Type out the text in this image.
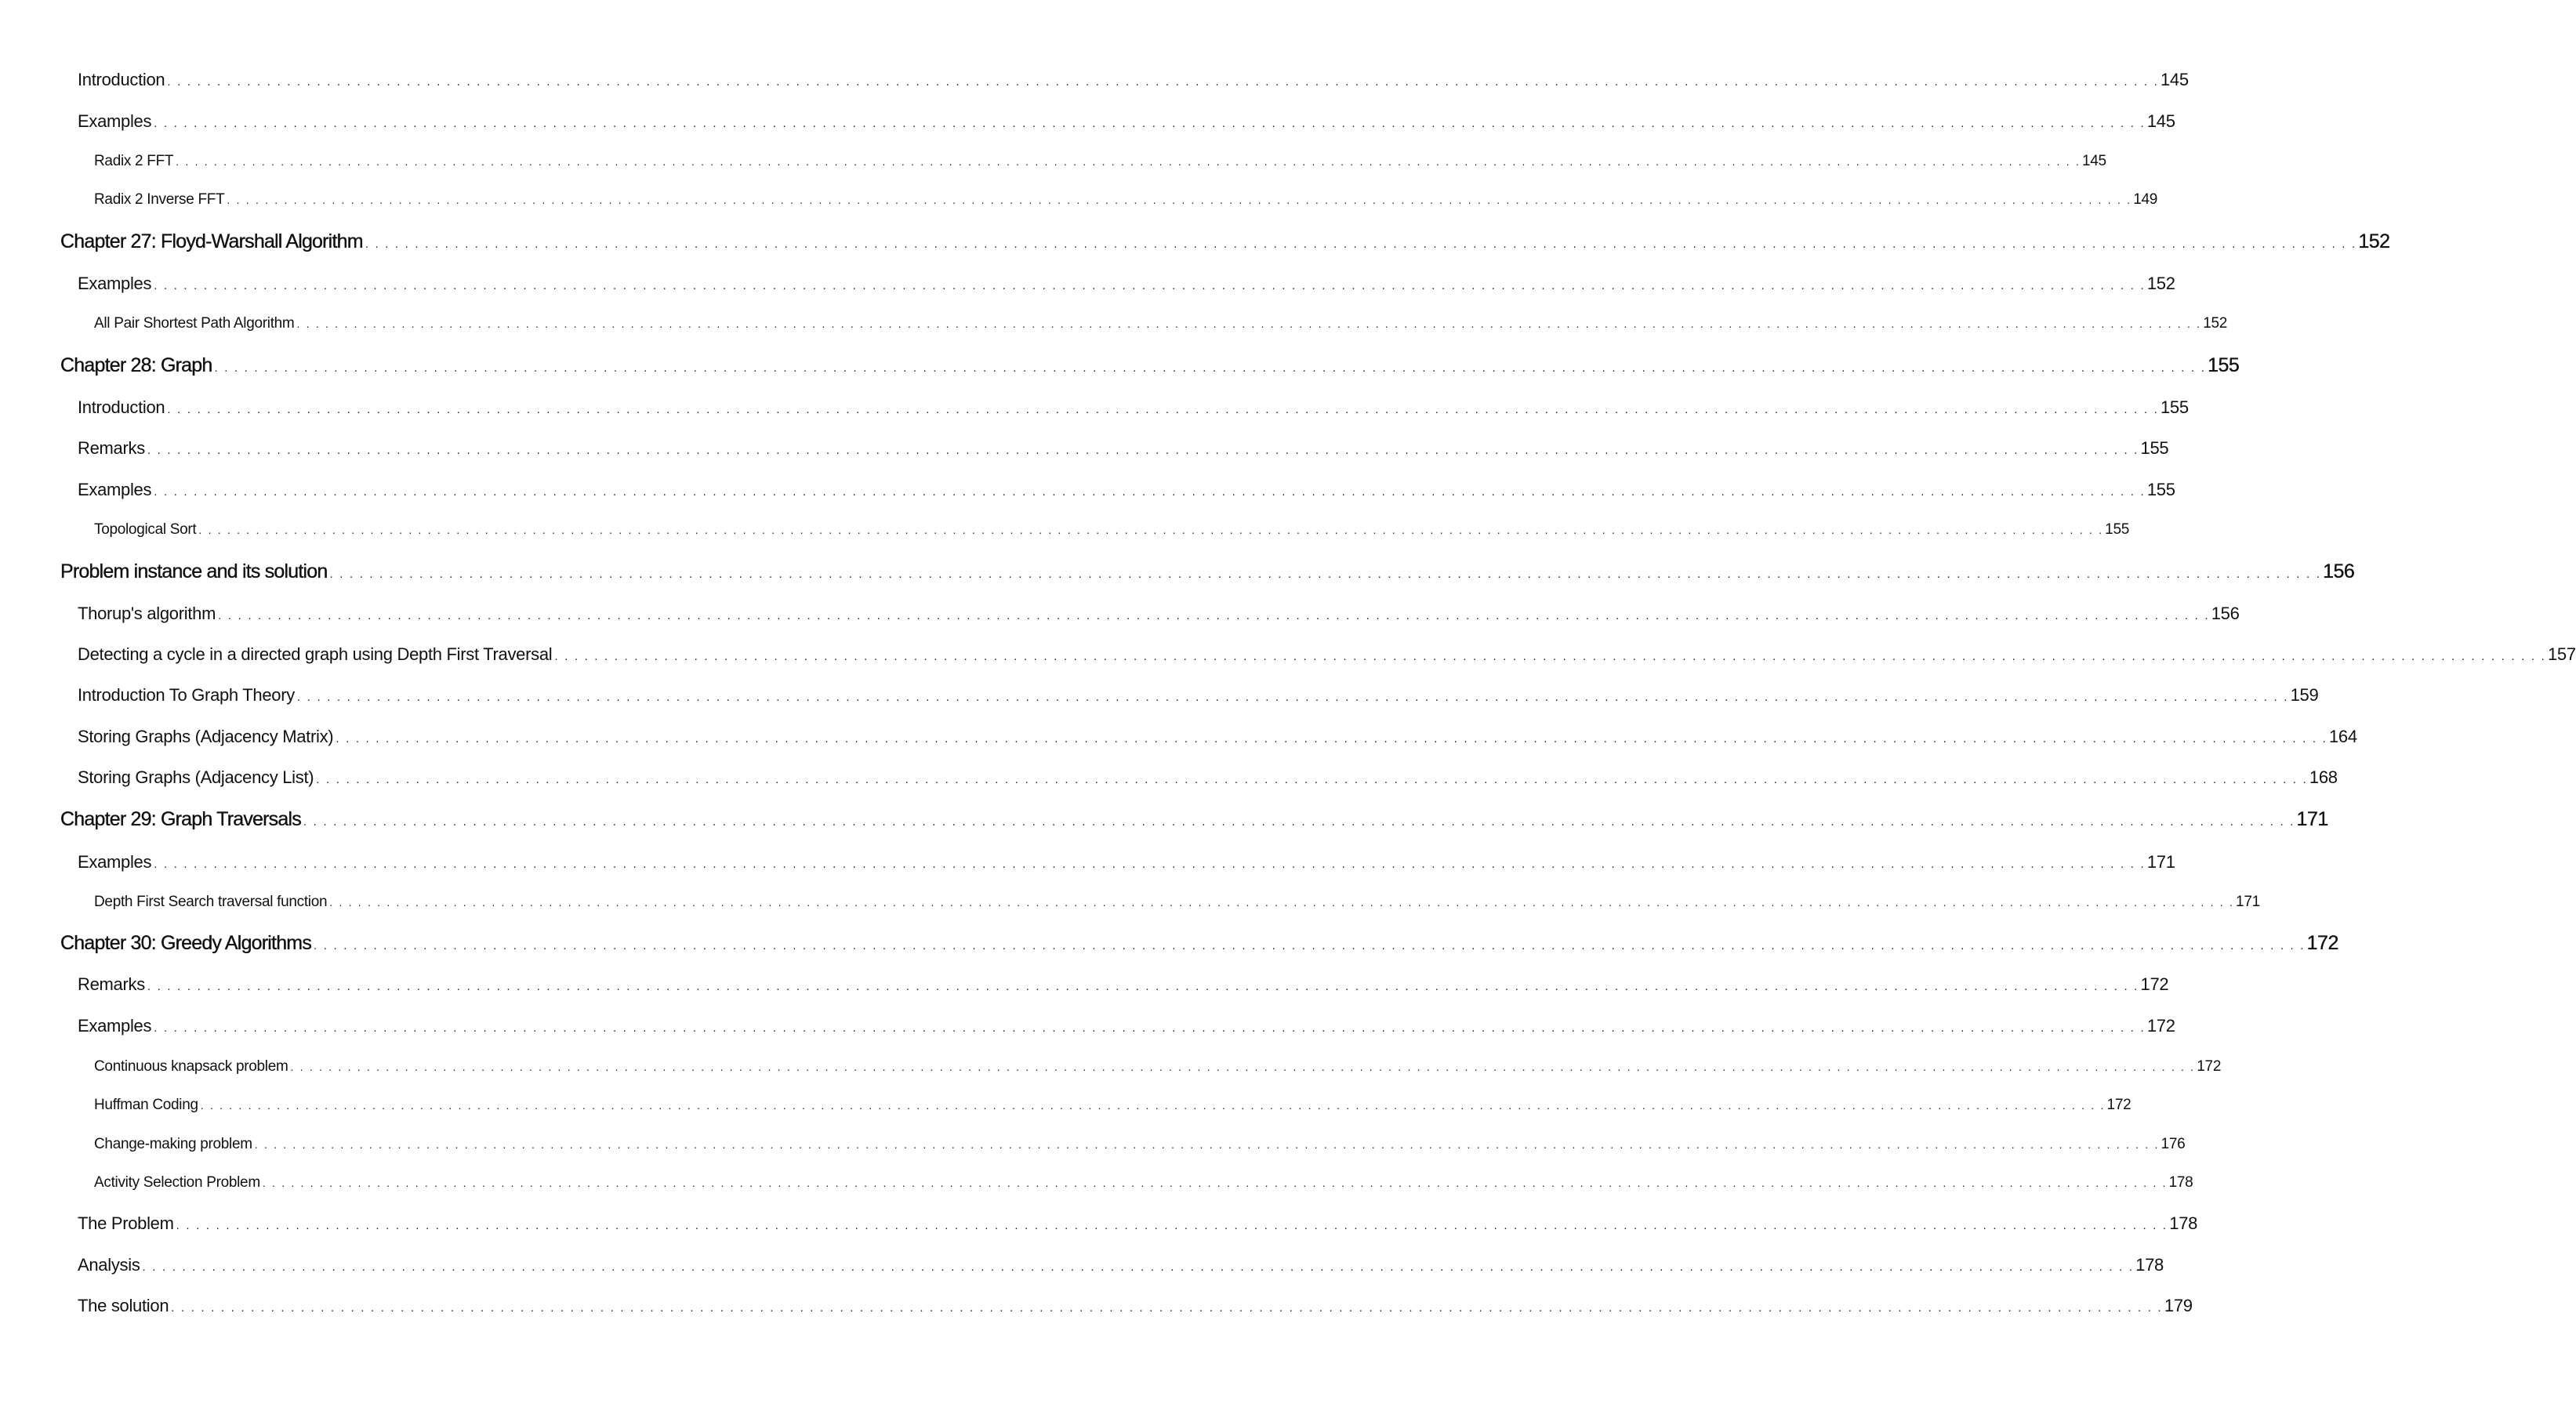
Introduction . . . . . . . . . . . . . . . . . . . . . . . . . . . . . . . . . . . . . . . . . . . . . . . . . . . . . . . . . . . . . . . . . . . . . . . . . . . . . . . . . . . . . . . . . . . . . . . . . . . . . . . . . . . . . . . . . . . . . . . . . . . . . . . . . . . . . . . . . . . . . . . . . . . . . . . . . . . . . . . . . . . . . . . . . . . . . . . . . . . . . . . . . . . . . . . . . . . . . . . . 145
Examples . . . . . . . . . . . . . . . . . . . . . . . . . . . . . . . . . . . . . . . . . . . . . . . . . . . . . . . . . . . . . . . . . . . . . . . . . . . . . . . . . . . . . . . . . . . . . . . . . . . . . . . . . . . . . . . . . . . . . . . . . . . . . . . . . . . . . . . . . . . . . . . . . . . . . . . . . . . . . . . . . . . . . . . . . . . . . . . . . . . . . . . . . . . . . . . . . . . . . . . . 145
Radix 2 FFT . . . . . . . . . . . . . . . . . . . . . . . . . . . . . . . . . . . . . . . . . . . . . . . . . . . . . . . . . . . . . . . . . . . . . . . . . . . . . . . . . . . . . . . . . . . . . . . . . . . . . . . . . . . . . . . . . . . . . . . . . . . . . . . . . . . . . . . . . . . . . . . . . . . . . . . . . . . . . . . . . . . . . . . . . . . . . . . . . . . . . . . . . . . . . . . . . . . . . . . . 145
Radix 2 Inverse FFT . . . . . . . . . . . . . . . . . . . . . . . . . . . . . . . . . . . . . . . . . . . . . . . . . . . . . . . . . . . . . . . . . . . . . . . . . . . . . . . . . . . . . . . . . . . . . . . . . . . . . . . . . . . . . . . . . . . . . . . . . . . . . . . . . . . . . . . . . . . . . . . . . . . . . . . . . . . . . . . . . . . . . . . . . . . . . . . . . . . . . . . . . . . . . . . . . . . . . . . . 149
Chapter 27: Floyd-Warshall Algorithm . . . . . . . . . . . . . . . . . . . . . . . . . . . . . . . . . . . . . . . . . . . . . . . . . . . . . . . . . . . . . . . . . . . . . . . . . . . . . . . . . . . . . . . . . . . . . . . . . . . . . . . . . . . . . . . . . . . . . . . . . . . . . . . . . . . . . . . . . . . . . . . . . . . . . . . . . . . . . . . . . . . . . . . . . . . . . . . . . . . . . . . . . . . . . . . . . . . . . . . . 152
Examples . . . . . . . . . . . . . . . . . . . . . . . . . . . . . . . . . . . . . . . . . . . . . . . . . . . . . . . . . . . . . . . . . . . . . . . . . . . . . . . . . . . . . . . . . . . . . . . . . . . . . . . . . . . . . . . . . . . . . . . . . . . . . . . . . . . . . . . . . . . . . . . . . . . . . . . . . . . . . . . . . . . . . . . . . . . . . . . . . . . . . . . . . . . . . . . . . . . . . . . . 152
All Pair Shortest Path Algorithm . . . . . . . . . . . . . . . . . . . . . . . . . . . . . . . . . . . . . . . . . . . . . . . . . . . . . . . . . . . . . . . . . . . . . . . . . . . . . . . . . . . . . . . . . . . . . . . . . . . . . . . . . . . . . . . . . . . . . . . . . . . . . . . . . . . . . . . . . . . . . . . . . . . . . . . . . . . . . . . . . . . . . . . . . . . . . . . . . . . . . . . . . . . . . . . . . . . . . . . . 152
Chapter 28: Graph . . . . . . . . . . . . . . . . . . . . . . . . . . . . . . . . . . . . . . . . . . . . . . . . . . . . . . . . . . . . . . . . . . . . . . . . . . . . . . . . . . . . . . . . . . . . . . . . . . . . . . . . . . . . . . . . . . . . . . . . . . . . . . . . . . . . . . . . . . . . . . . . . . . . . . . . . . . . . . . . . . . . . . . . . . . . . . . . . . . . . . . . . . . . . . . . . . . . . . . . 155
Introduction . . . . . . . . . . . . . . . . . . . . . . . . . . . . . . . . . . . . . . . . . . . . . . . . . . . . . . . . . . . . . . . . . . . . . . . . . . . . . . . . . . . . . . . . . . . . . . . . . . . . . . . . . . . . . . . . . . . . . . . . . . . . . . . . . . . . . . . . . . . . . . . . . . . . . . . . . . . . . . . . . . . . . . . . . . . . . . . . . . . . . . . . . . . . . . . . . . . . . . . . 155
Remarks . . . . . . . . . . . . . . . . . . . . . . . . . . . . . . . . . . . . . . . . . . . . . . . . . . . . . . . . . . . . . . . . . . . . . . . . . . . . . . . . . . . . . . . . . . . . . . . . . . . . . . . . . . . . . . . . . . . . . . . . . . . . . . . . . . . . . . . . . . . . . . . . . . . . . . . . . . . . . . . . . . . . . . . . . . . . . . . . . . . . . . . . . . . . . . . . . . . . . . . . 155
Examples . . . . . . . . . . . . . . . . . . . . . . . . . . . . . . . . . . . . . . . . . . . . . . . . . . . . . . . . . . . . . . . . . . . . . . . . . . . . . . . . . . . . . . . . . . . . . . . . . . . . . . . . . . . . . . . . . . . . . . . . . . . . . . . . . . . . . . . . . . . . . . . . . . . . . . . . . . . . . . . . . . . . . . . . . . . . . . . . . . . . . . . . . . . . . . . . . . . . . . . . 155
Topological Sort . . . . . . . . . . . . . . . . . . . . . . . . . . . . . . . . . . . . . . . . . . . . . . . . . . . . . . . . . . . . . . . . . . . . . . . . . . . . . . . . . . . . . . . . . . . . . . . . . . . . . . . . . . . . . . . . . . . . . . . . . . . . . . . . . . . . . . . . . . . . . . . . . . . . . . . . . . . . . . . . . . . . . . . . . . . . . . . . . . . . . . . . . . . . . . . . . . . . . . . . 155
Problem instance and its solution . . . . . . . . . . . . . . . . . . . . . . . . . . . . . . . . . . . . . . . . . . . . . . . . . . . . . . . . . . . . . . . . . . . . . . . . . . . . . . . . . . . . . . . . . . . . . . . . . . . . . . . . . . . . . . . . . . . . . . . . . . . . . . . . . . . . . . . . . . . . . . . . . . . . . . . . . . . . . . . . . . . . . . . . . . . . . . . . . . . . . . . . . . . . . . . . . . . . . . . . 156
Thorup's algorithm . . . . . . . . . . . . . . . . . . . . . . . . . . . . . . . . . . . . . . . . . . . . . . . . . . . . . . . . . . . . . . . . . . . . . . . . . . . . . . . . . . . . . . . . . . . . . . . . . . . . . . . . . . . . . . . . . . . . . . . . . . . . . . . . . . . . . . . . . . . . . . . . . . . . . . . . . . . . . . . . . . . . . . . . . . . . . . . . . . . . . . . . . . . . . . . . . . . . . . . . 156
Detecting a cycle in a directed graph using Depth First Traversal . . . . . . . . . . . . . . . . . . . . . . . . . . . . . . . . . . . . . . . . . . . . . . . . . . . . . . . . . . . . . . . . . . . . . . . . . . . . . . . . . . . . . . . . . . . . . . . . . . . . . . . . . . . . . . . . . . . . . . . . . . . . . . . . . . . . . . . . . . . . . . . . . . . . . . . . . . . . . . . . . . . . . . . . . . . . . . . . . . . . . . . . . . . . . . . . . . . . . . . . 157
Introduction To Graph Theory . . . . . . . . . . . . . . . . . . . . . . . . . . . . . . . . . . . . . . . . . . . . . . . . . . . . . . . . . . . . . . . . . . . . . . . . . . . . . . . . . . . . . . . . . . . . . . . . . . . . . . . . . . . . . . . . . . . . . . . . . . . . . . . . . . . . . . . . . . . . . . . . . . . . . . . . . . . . . . . . . . . . . . . . . . . . . . . . . . . . . . . . . . . . . . . . . . . . . . . . 159
Storing Graphs (Adjacency Matrix) . . . . . . . . . . . . . . . . . . . . . . . . . . . . . . . . . . . . . . . . . . . . . . . . . . . . . . . . . . . . . . . . . . . . . . . . . . . . . . . . . . . . . . . . . . . . . . . . . . . . . . . . . . . . . . . . . . . . . . . . . . . . . . . . . . . . . . . . . . . . . . . . . . . . . . . . . . . . . . . . . . . . . . . . . . . . . . . . . . . . . . . . . . . . . . . . . . . . . . . . 164
Storing Graphs (Adjacency List) . . . . . . . . . . . . . . . . . . . . . . . . . . . . . . . . . . . . . . . . . . . . . . . . . . . . . . . . . . . . . . . . . . . . . . . . . . . . . . . . . . . . . . . . . . . . . . . . . . . . . . . . . . . . . . . . . . . . . . . . . . . . . . . . . . . . . . . . . . . . . . . . . . . . . . . . . . . . . . . . . . . . . . . . . . . . . . . . . . . . . . . . . . . . . . . . . . . . . . . . 168
Chapter 29: Graph Traversals . . . . . . . . . . . . . . . . . . . . . . . . . . . . . . . . . . . . . . . . . . . . . . . . . . . . . . . . . . . . . . . . . . . . . . . . . . . . . . . . . . . . . . . . . . . . . . . . . . . . . . . . . . . . . . . . . . . . . . . . . . . . . . . . . . . . . . . . . . . . . . . . . . . . . . . . . . . . . . . . . . . . . . . . . . . . . . . . . . . . . . . . . . . . . . . . . . . . . . . . 171
Examples . . . . . . . . . . . . . . . . . . . . . . . . . . . . . . . . . . . . . . . . . . . . . . . . . . . . . . . . . . . . . . . . . . . . . . . . . . . . . . . . . . . . . . . . . . . . . . . . . . . . . . . . . . . . . . . . . . . . . . . . . . . . . . . . . . . . . . . . . . . . . . . . . . . . . . . . . . . . . . . . . . . . . . . . . . . . . . . . . . . . . . . . . . . . . . . . . . . . . . . . 171
Depth First Search traversal function . . . . . . . . . . . . . . . . . . . . . . . . . . . . . . . . . . . . . . . . . . . . . . . . . . . . . . . . . . . . . . . . . . . . . . . . . . . . . . . . . . . . . . . . . . . . . . . . . . . . . . . . . . . . . . . . . . . . . . . . . . . . . . . . . . . . . . . . . . . . . . . . . . . . . . . . . . . . . . . . . . . . . . . . . . . . . . . . . . . . . . . . . . . . . . . . . . . . . . . . 171
Chapter 30: Greedy Algorithms . . . . . . . . . . . . . . . . . . . . . . . . . . . . . . . . . . . . . . . . . . . . . . . . . . . . . . . . . . . . . . . . . . . . . . . . . . . . . . . . . . . . . . . . . . . . . . . . . . . . . . . . . . . . . . . . . . . . . . . . . . . . . . . . . . . . . . . . . . . . . . . . . . . . . . . . . . . . . . . . . . . . . . . . . . . . . . . . . . . . . . . . . . . . . . . . . . . . . . . . 172
Remarks . . . . . . . . . . . . . . . . . . . . . . . . . . . . . . . . . . . . . . . . . . . . . . . . . . . . . . . . . . . . . . . . . . . . . . . . . . . . . . . . . . . . . . . . . . . . . . . . . . . . . . . . . . . . . . . . . . . . . . . . . . . . . . . . . . . . . . . . . . . . . . . . . . . . . . . . . . . . . . . . . . . . . . . . . . . . . . . . . . . . . . . . . . . . . . . . . . . . . . . . 172
Examples . . . . . . . . . . . . . . . . . . . . . . . . . . . . . . . . . . . . . . . . . . . . . . . . . . . . . . . . . . . . . . . . . . . . . . . . . . . . . . . . . . . . . . . . . . . . . . . . . . . . . . . . . . . . . . . . . . . . . . . . . . . . . . . . . . . . . . . . . . . . . . . . . . . . . . . . . . . . . . . . . . . . . . . . . . . . . . . . . . . . . . . . . . . . . . . . . . . . . . . . 172
Continuous knapsack problem . . . . . . . . . . . . . . . . . . . . . . . . . . . . . . . . . . . . . . . . . . . . . . . . . . . . . . . . . . . . . . . . . . . . . . . . . . . . . . . . . . . . . . . . . . . . . . . . . . . . . . . . . . . . . . . . . . . . . . . . . . . . . . . . . . . . . . . . . . . . . . . . . . . . . . . . . . . . . . . . . . . . . . . . . . . . . . . . . . . . . . . . . . . . . . . . . . . . . . . . 172
Huffman Coding . . . . . . . . . . . . . . . . . . . . . . . . . . . . . . . . . . . . . . . . . . . . . . . . . . . . . . . . . . . . . . . . . . . . . . . . . . . . . . . . . . . . . . . . . . . . . . . . . . . . . . . . . . . . . . . . . . . . . . . . . . . . . . . . . . . . . . . . . . . . . . . . . . . . . . . . . . . . . . . . . . . . . . . . . . . . . . . . . . . . . . . . . . . . . . . . . . . . . . . . 172
Change-making problem . . . . . . . . . . . . . . . . . . . . . . . . . . . . . . . . . . . . . . . . . . . . . . . . . . . . . . . . . . . . . . . . . . . . . . . . . . . . . . . . . . . . . . . . . . . . . . . . . . . . . . . . . . . . . . . . . . . . . . . . . . . . . . . . . . . . . . . . . . . . . . . . . . . . . . . . . . . . . . . . . . . . . . . . . . . . . . . . . . . . . . . . . . . . . . . . . . . . . . . . 176
Activity Selection Problem . . . . . . . . . . . . . . . . . . . . . . . . . . . . . . . . . . . . . . . . . . . . . . . . . . . . . . . . . . . . . . . . . . . . . . . . . . . . . . . . . . . . . . . . . . . . . . . . . . . . . . . . . . . . . . . . . . . . . . . . . . . . . . . . . . . . . . . . . . . . . . . . . . . . . . . . . . . . . . . . . . . . . . . . . . . . . . . . . . . . . . . . . . . . . . . . . . . . . . . . 178
The Problem . . . . . . . . . . . . . . . . . . . . . . . . . . . . . . . . . . . . . . . . . . . . . . . . . . . . . . . . . . . . . . . . . . . . . . . . . . . . . . . . . . . . . . . . . . . . . . . . . . . . . . . . . . . . . . . . . . . . . . . . . . . . . . . . . . . . . . . . . . . . . . . . . . . . . . . . . . . . . . . . . . . . . . . . . . . . . . . . . . . . . . . . . . . . . . . . . . . . . . . . 178
Analysis . . . . . . . . . . . . . . . . . . . . . . . . . . . . . . . . . . . . . . . . . . . . . . . . . . . . . . . . . . . . . . . . . . . . . . . . . . . . . . . . . . . . . . . . . . . . . . . . . . . . . . . . . . . . . . . . . . . . . . . . . . . . . . . . . . . . . . . . . . . . . . . . . . . . . . . . . . . . . . . . . . . . . . . . . . . . . . . . . . . . . . . . . . . . . . . . . . . . . . . . 178
The solution . . . . . . . . . . . . . . . . . . . . . . . . . . . . . . . . . . . . . . . . . . . . . . . . . . . . . . . . . . . . . . . . . . . . . . . . . . . . . . . . . . . . . . . . . . . . . . . . . . . . . . . . . . . . . . . . . . . . . . . . . . . . . . . . . . . . . . . . . . . . . . . . . . . . . . . . . . . . . . . . . . . . . . . . . . . . . . . . . . . . . . . . . . . . . . . . . . . . . . . . 179
